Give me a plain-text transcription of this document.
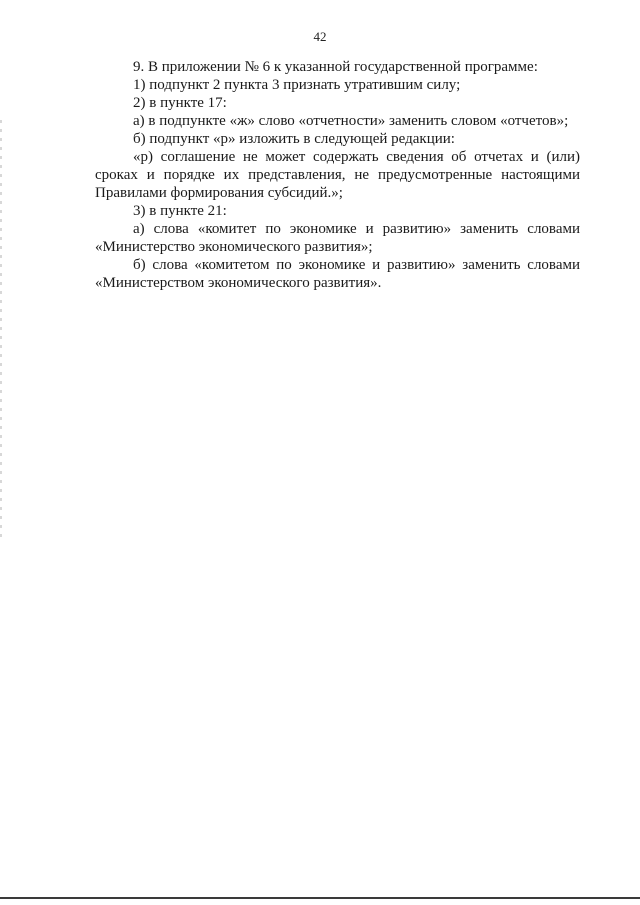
42

9. В приложении № 6 к указанной государственной программе:

1) подпункт 2 пункта 3 признать утратившим силу;

2) в пункте 17:

а) в подпункте «ж» слово «отчетности» заменить словом «отчетов»;

б) подпункт «р» изложить в следующей редакции:

«р) соглашение не может содержать сведения об отчетах и (или) сроках и порядке их представления, не предусмотренные настоящими Правилами формирования субсидий.»;

3) в пункте 21:

а) слова «комитет по экономике и развитию» заменить словами «Министерство экономического развития»;

б) слова «комитетом по экономике и развитию» заменить словами «Министерством экономического развития».
